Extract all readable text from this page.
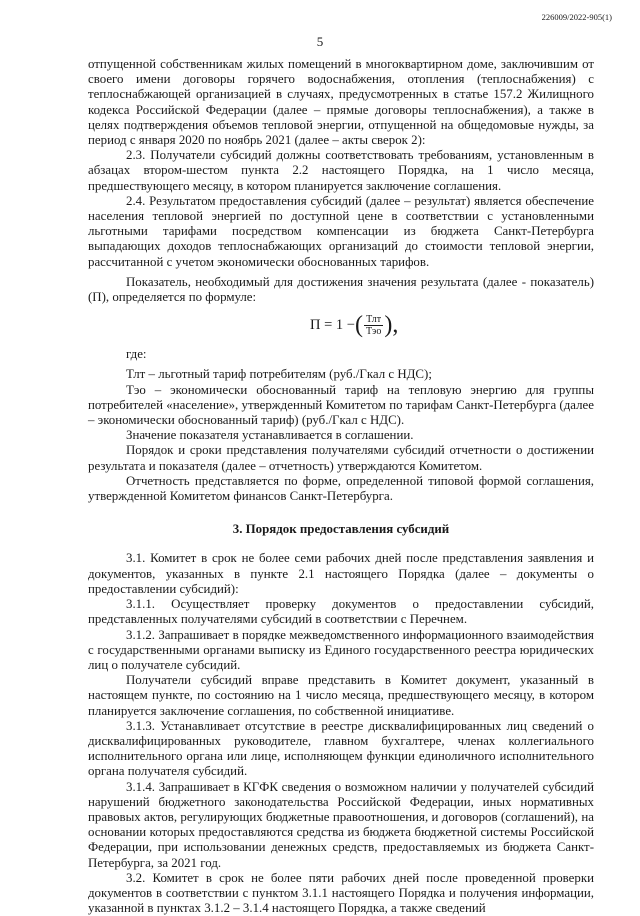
226009/2022-905(1)
5

отпущенной собственникам жилых помещений в многоквартирном доме, заключившим от своего имени договоры горячего водоснабжения, отопления (теплоснабжения) с теплоснабжающей организацией в случаях, предусмотренных в статье 157.2 Жилищного кодекса Российской Федерации (далее – прямые договоры теплоснабжения), а также в целях подтверждения объемов тепловой энергии, отпущенной на общедомовые нужды, за период с января 2020 по ноябрь 2021 (далее – акты сверок 2):

2.3. Получатели субсидий должны соответствовать требованиям, установленным в абзацах втором-шестом пункта 2.2 настоящего Порядка, на 1 число месяца, предшествующего месяцу, в котором планируется заключение соглашения.

2.4. Результатом предоставления субсидий (далее – результат) является обеспечение населения тепловой энергией по доступной цене в соответствии с установленными льготными тарифами посредством компенсации из бюджета Санкт-Петербурга выпадающих доходов теплоснабжающих организаций до стоимости тепловой энергии, рассчитанной с учетом экономически обоснованных тарифов.

Показатель, необходимый для достижения значения результата (далее - показатель) (П), определяется по формуле:

П = 1 − ( $\frac{\text{Тлт}}{\text{Тэо}}$ ),

где:

Тлт – льготный тариф потребителям (руб./Гкал с НДС);

Тэо – экономически обоснованный тариф на тепловую энергию для группы потребителей «население», утвержденный Комитетом по тарифам Санкт-Петербурга (далее – экономически обоснованный тариф) (руб./Гкал с НДС).

Значение показателя устанавливается в соглашении.

Порядок и сроки представления получателями субсидий отчетности о достижении результата и показателя (далее – отчетность) утверждаются Комитетом.

Отчетность представляется по форме, определенной типовой формой соглашения, утвержденной Комитетом финансов Санкт-Петербурга.

3. Порядок предоставления субсидий

3.1. Комитет в срок не более семи рабочих дней после представления заявления и документов, указанных в пункте 2.1 настоящего Порядка (далее – документы о предоставлении субсидий):

3.1.1. Осуществляет проверку документов о предоставлении субсидий, представленных получателями субсидий в соответствии с Перечнем.

3.1.2. Запрашивает в порядке межведомственного информационного взаимодействия с государственными органами выписку из Единого государственного реестра юридических лиц о получателе субсидий.

Получатели субсидий вправе представить в Комитет документ, указанный в настоящем пункте, по состоянию на 1 число месяца, предшествующего месяцу, в котором планируется заключение соглашения, по собственной инициативе.

3.1.3. Устанавливает отсутствие в реестре дисквалифицированных лиц сведений о дисквалифицированных руководителе, главном бухгалтере, членах коллегиального исполнительного органа или лице, исполняющем функции единоличного исполнительного органа получателя субсидий.

3.1.4. Запрашивает в КГФК сведения о возможном наличии у получателей субсидий нарушений бюджетного законодательства Российской Федерации, иных нормативных правовых актов, регулирующих бюджетные правоотношения, и договоров (соглашений), на основании которых предоставляются средства из бюджета бюджетной системы Российской Федерации, при использовании денежных средств, предоставляемых из бюджета Санкт-Петербурга, за 2021 год.

3.2. Комитет в срок не более пяти рабочих дней после проведенной проверки документов в соответствии с пунктом 3.1.1 настоящего Порядка и получения информации, указанной в пунктах 3.1.2 – 3.1.4 настоящего Порядка, а также сведений
